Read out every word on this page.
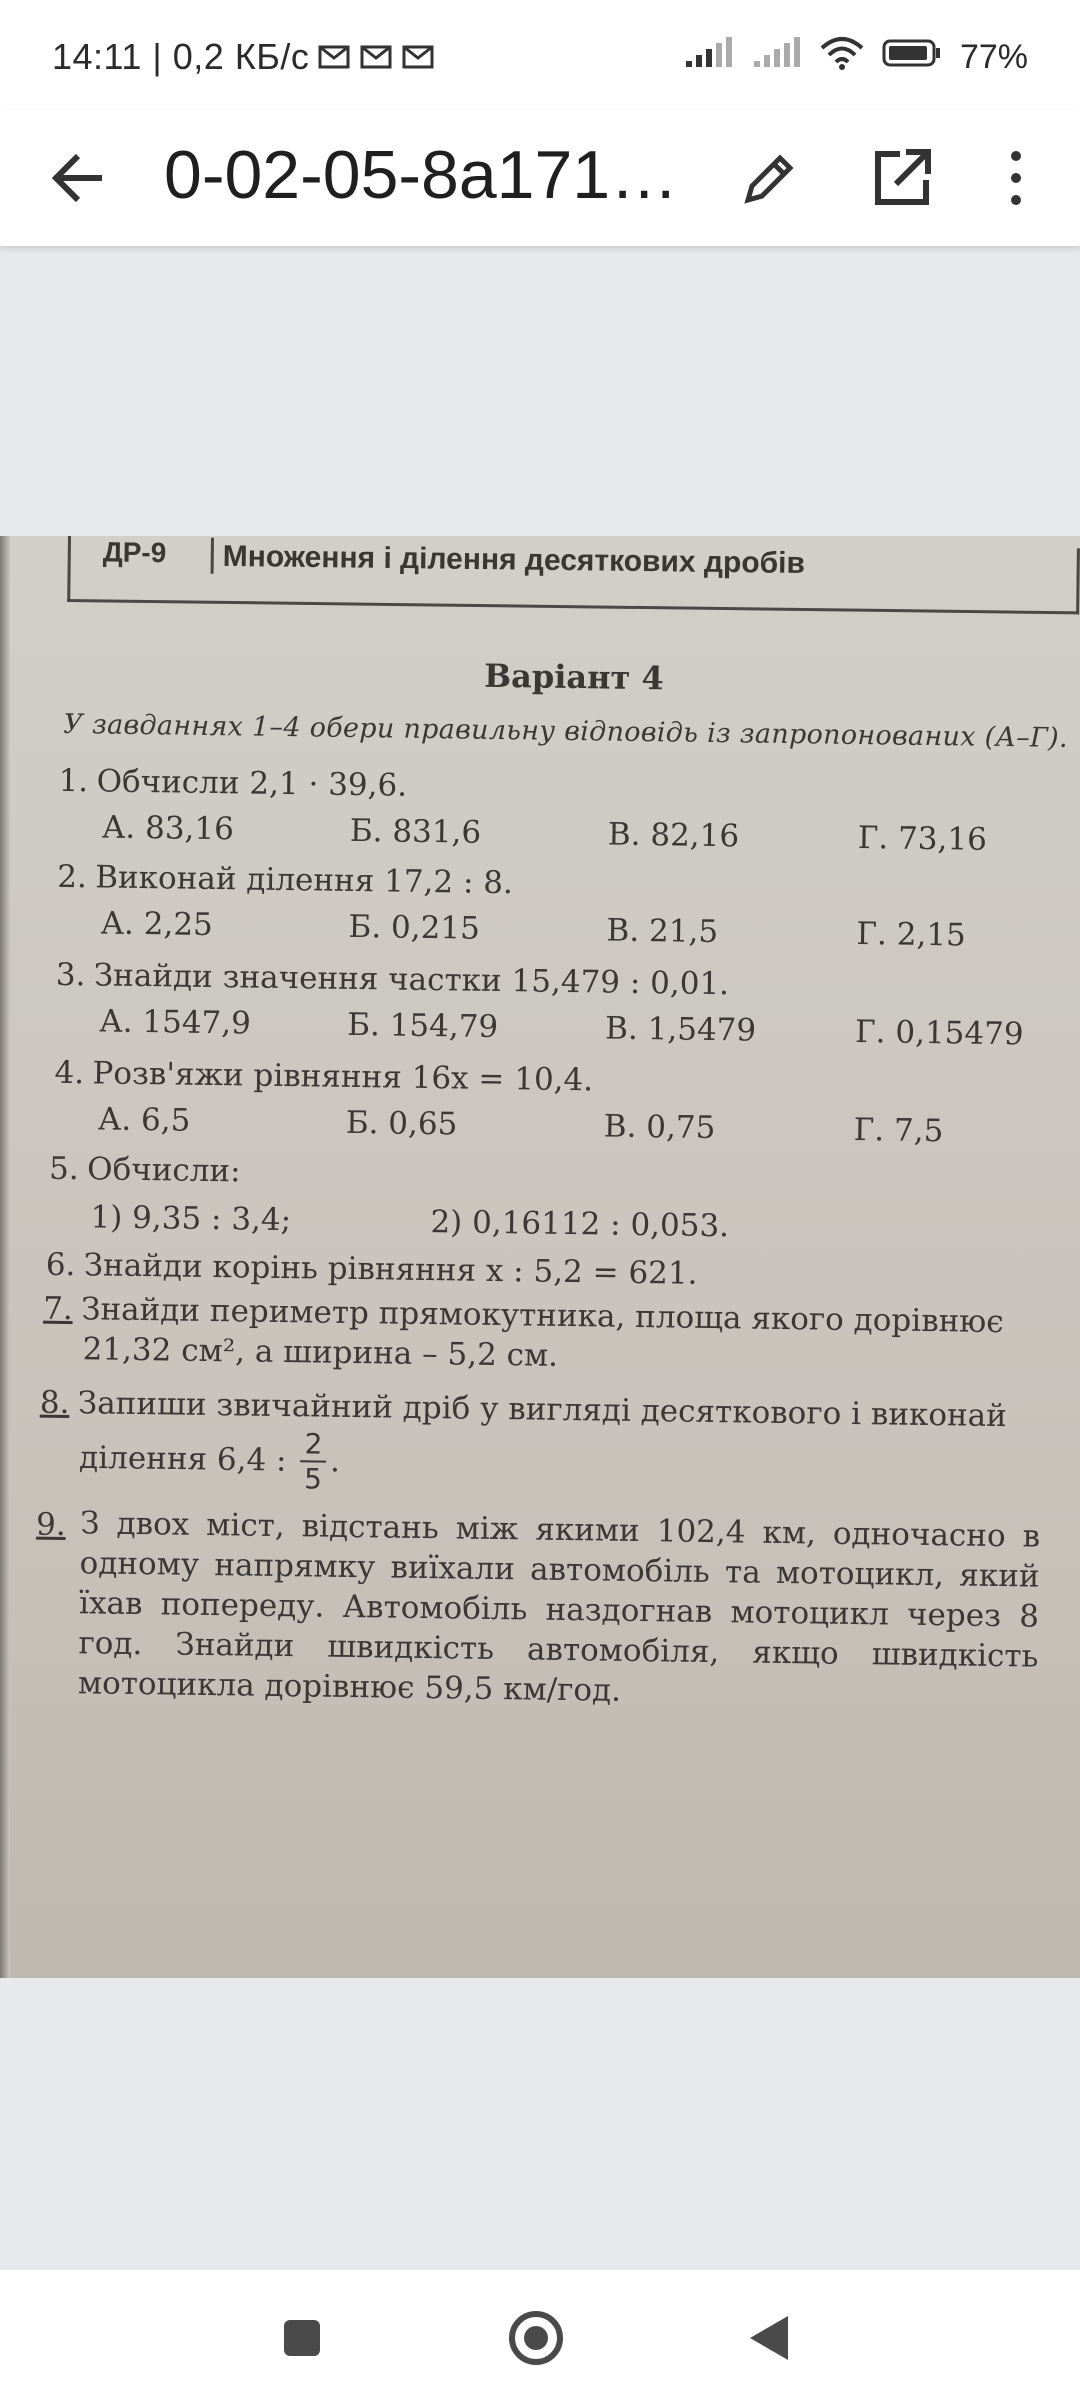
14:11 | 0,2 КБ/с	77%
0-02-05-8a171…
ДР-9 Множення і ділення десяткових дробів
Варіант 4
У завданнях 1–4 обери правильну відповідь із запропонованих (А–Г).
1. Обчисли 2,1 · 39,6.
А. 83,16	Б. 831,6	В. 82,16	Г. 73,16
2. Виконай ділення 17,2 : 8.
А. 2,25	Б. 0,215	В. 21,5	Г. 2,15
3. Знайди значення частки 15,479 : 0,01.
А. 1547,9	Б. 154,79	В. 1,5479	Г. 0,15479
4. Розв'яжи рівняння 16x = 10,4.
А. 6,5	Б. 0,65	В. 0,75	Г. 7,5
5. Обчисли:
1) 9,35 : 3,4;	2) 0,16112 : 0,053.
6. Знайди корінь рівняння x : 5,2 = 621.
7. Знайди периметр прямокутника, площа якого дорівнює
21,32 см², а ширина – 5,2 см.
8. Запиши звичайний дріб у вигляді десяткового і виконай
ділення 6,4 : $\frac{2}{5}$ .
9. З двох міст, відстань між якими 102,4 км, одночасно в одному напрямку виїхали автомобіль та мотоцикл, який їхав попереду. Автомобіль наздогнав мотоцикл через 8 год. Знайди швидкість автомобіля, якщо швидкість мотоцикла дорівнює 59,5 км/год.
